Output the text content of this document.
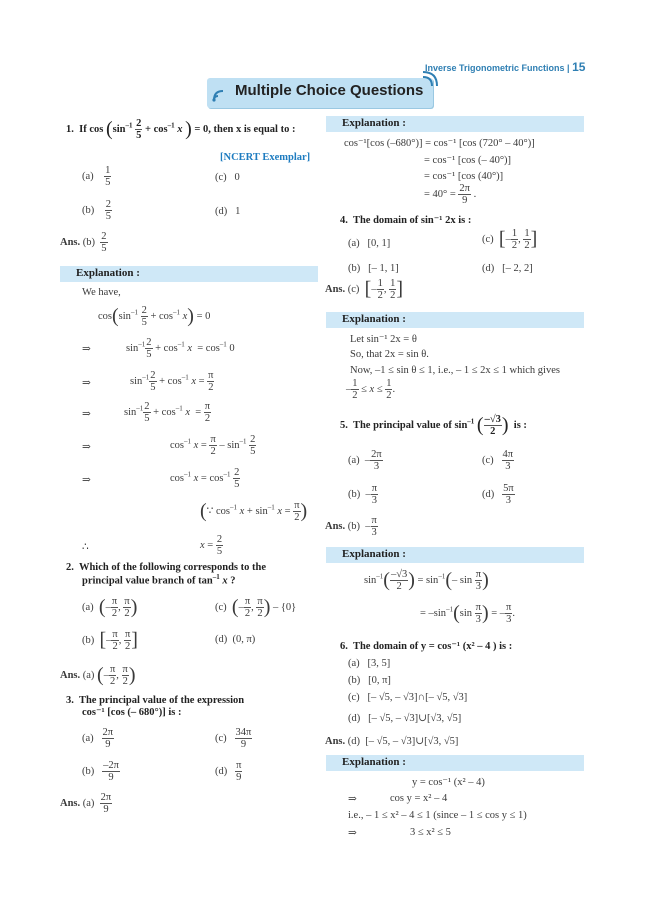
Inverse Trigonometric Functions | 15
Multiple Choice Questions
1. If $\cos (\sin^{-1} \frac{2}{5} + \cos^{-1} x$ ) = 0, then x is equal to :
[NCERT Exemplar]
$(a) \frac{1}{5}$	(c) 0
$(b) \frac{2}{5}$	(d) 1
Ans. $(b) \frac{2}{5}$
Explanation :
We have,
$\cos(\sin^{-1} \frac{2}{5} + \cos^{-1} x) = 0$
⇒	$\sin^{-1} \frac{2}{5} + \cos^{-1} x = \cos^{-1} 0$
⇒	$\sin^{-1} \frac{2}{5} + \cos^{-1} x = \frac{\pi}{2}$
⇒	$\sin^{-1} \frac{2}{5} + \cos^{-1} x = \frac{\pi}{2}$
⇒	$\cos^{-1} x = \frac{\pi}{2} - \sin^{-1} \frac{2}{5}$
⇒	$\cos^{-1} x = \cos^{-1} \frac{2}{5}$
(∵ $\cos^{-1} x + \sin^{-1} x = \frac{\pi}{2}$ )
∴	$x = \frac{2}{5}$
2. Which of the following corresponds to the
principal value branch of $\tan^{-1} x$ ?
(a)  (– $\frac{\pi}{2}$ , $\frac{\pi}{2}$ )	(c)  (– $\frac{\pi}{2}$ , $\frac{\pi}{2}$ ) – {0}
(b)  [– $\frac{\pi}{2}$ , $\frac{\pi}{2}$ ]	(d)  (0, π)
Ans. (a) (– $\frac{\pi}{2}$ , $\frac{\pi}{2}$ )
3. The principal value of the expression
cos⁻¹ [cos (– 680°)] is :
$(a) \frac{2\pi}{9}$	$(c) \frac{34\pi}{9}$
$(b) \frac{-2\pi}{9}$	$(d) \frac{\pi}{9}$
Ans. $(a) \frac{2\pi}{9}$
Explanation :
cos⁻¹[cos (–680°)] = cos⁻¹ [cos (720° – 40°)]
= cos⁻¹ [cos (– 40°)]
= cos⁻¹ [cos (40°)]
= $40^\circ = \frac{2\pi}{9}$ .
4. The domain of sin⁻¹ 2x is :
(a)   [0, 1]	(c)  [– $\frac{1}{2}$ , $\frac{1}{2}$ ]
(b)   [– 1, 1]	(d)   [– 2, 2]
Ans. (c) [– $\frac{1}{2}$ , $\frac{1}{2}$ ]
Explanation :
Let sin⁻¹ 2x = θ
So, that 2x = sin θ.
Now, –1 ≤ sin θ ≤ 1, i.e., – 1 ≤ 2x ≤ 1 which gives
– $\frac{1}{2} \le x \le \frac{1}{2}$ .
5. The principal value of $\sin^{-1}$ ( $\frac{-√3}{2}$ ) is :
$(a) - \frac{2\pi}{3}$	$(c) \frac{4\pi}{3}$
$(b) - \frac{\pi}{3}$	$(d) \frac{5\pi}{3}$
Ans. $(b) - \frac{\pi}{3}$
Explanation :
$\sin^{-1}( \frac{-√3}{2}$ ) = $\sin^{-1}(-$ $\sin \frac{\pi}{3}$ )
= $-\sin^{-1}(\sin \frac{\pi}{3}$ ) = – $\frac{\pi}{3}$ .
6. The domain of y = cos⁻¹ (x² – 4 ) is :
(a)   [3, 5]
(b)   [0, π]
(c)   [– √5, – √3]∩[– √5, √3]
(d)   [– √5, – √3]∪[√3, √5]
Ans. (d) [– √5, – √3]∪[√3, √5]
Explanation :
y = cos⁻¹ (x² – 4)
⇒	cos y = x² – 4
i.e., – 1 ≤ x² – 4 ≤ 1 (since – 1 ≤ cos y ≤ 1)
⇒	3 ≤ x² ≤ 5
